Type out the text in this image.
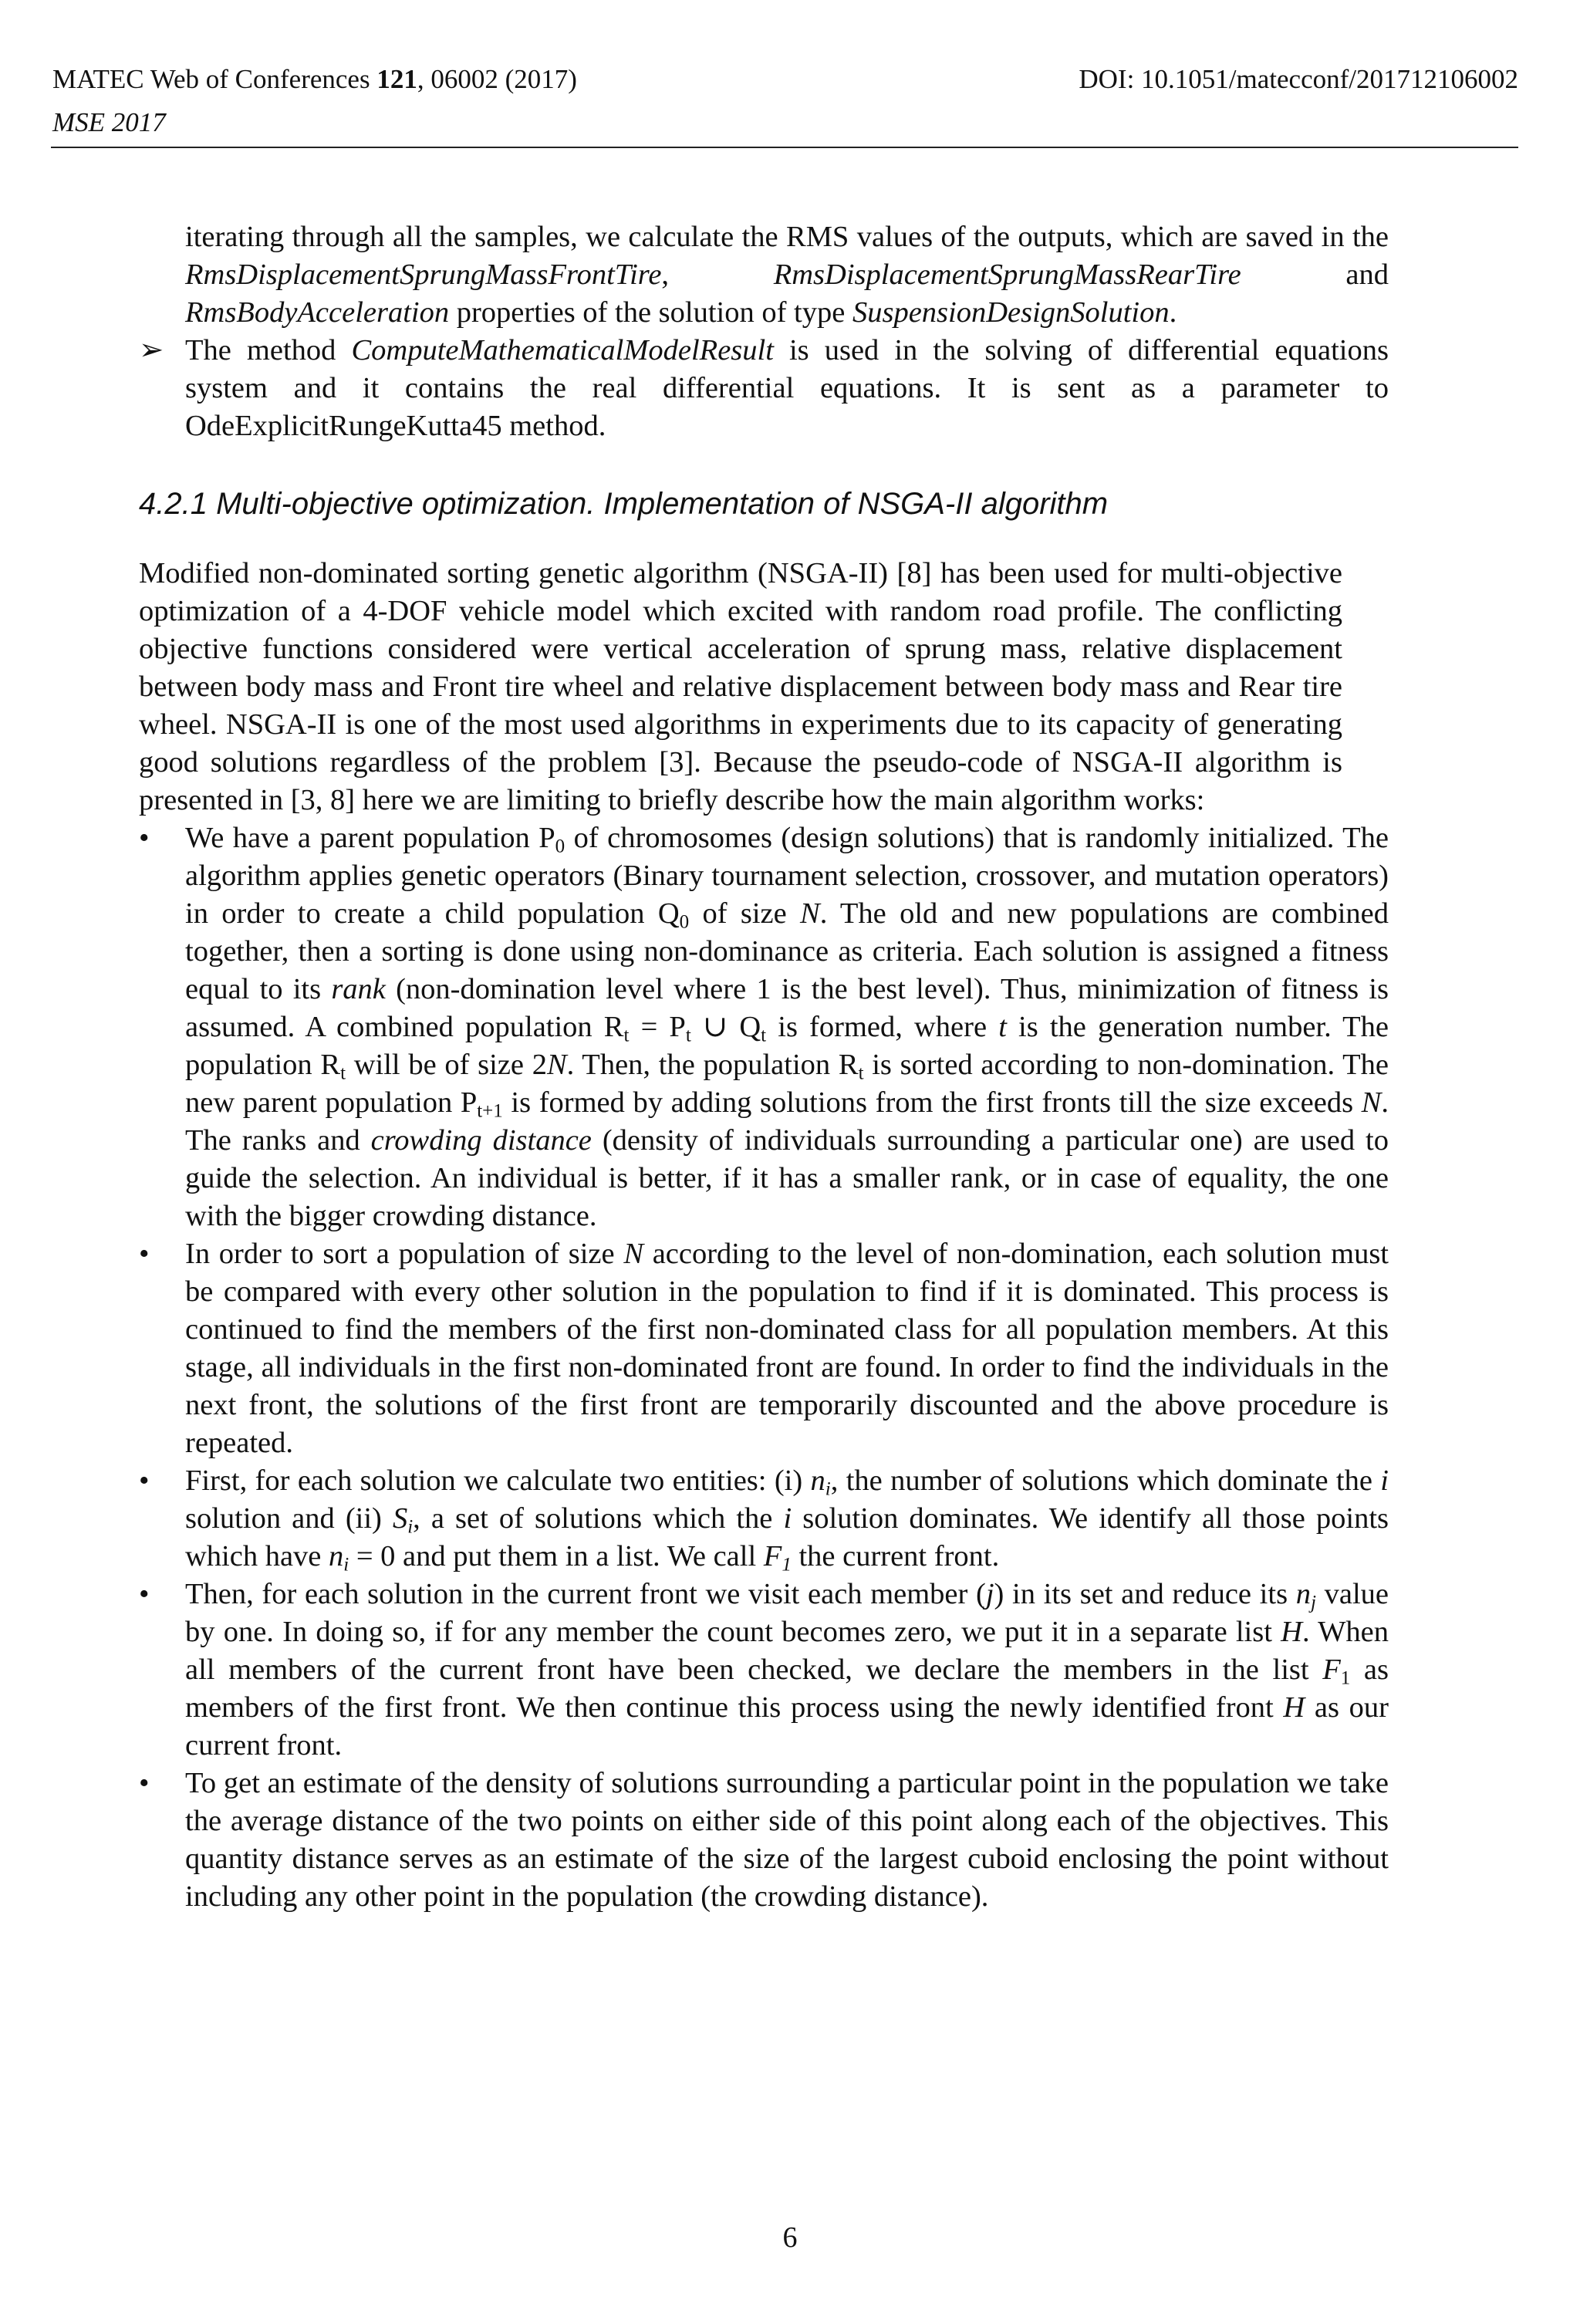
MATEC Web of Conferences 121, 06002 (2017)	DOI: 10.1051/matecconf/201712106002
MSE 2017

iterating through all the samples, we calculate the RMS values of the outputs, which are saved in the RmsDisplacementSprungMassFrontTire, RmsDisplacementSprungMassRearTire and RmsBodyAcceleration properties of the solution of type SuspensionDesignSolution.

➢ The method ComputeMathematicalModelResult is used in the solving of differential equations system and it contains the real differential equations. It is sent as a parameter to OdeExplicitRungeKutta45 method.

4.2.1 Multi-objective optimization. Implementation of NSGA-II algorithm

Modified non-dominated sorting genetic algorithm (NSGA-II) [8] has been used for multi-objective optimization of a 4-DOF vehicle model which excited with random road profile. The conflicting objective functions considered were vertical acceleration of sprung mass, relative displacement between body mass and Front tire wheel and relative displacement between body mass and Rear tire wheel. NSGA-II is one of the most used algorithms in experiments due to its capacity of generating good solutions regardless of the problem [3]. Because the pseudo-code of NSGA-II algorithm is presented in [3, 8] here we are limiting to briefly describe how the main algorithm works:

• We have a parent population $P_0$ of chromosomes (design solutions) that is randomly initialized. The algorithm applies genetic operators (Binary tournament selection, crossover, and mutation operators) in order to create a child population $Q_0$ of size N. The old and new populations are combined together, then a sorting is done using non-dominance as criteria. Each solution is assigned a fitness equal to its rank (non-domination level where 1 is the best level). Thus, minimization of fitness is assumed. A combined population $R_t = P_t$ ∪ $Q_t$ is formed, where t is the generation number. The population $R_t$ will be of size 2N. Then, the population $R_t$ is sorted according to non-domination. The new parent population $P_{t+1}$ is formed by adding solutions from the first fronts till the size exceeds N. The ranks and crowding distance (density of individuals surrounding a particular one) are used to guide the selection. An individual is better, if it has a smaller rank, or in case of equality, the one with the bigger crowding distance.

• In order to sort a population of size N according to the level of non-domination, each solution must be compared with every other solution in the population to find if it is dominated. This process is continued to find the members of the first non-dominated class for all population members. At this stage, all individuals in the first non-dominated front are found. In order to find the individuals in the next front, the solutions of the first front are temporarily discounted and the above procedure is repeated.

• First, for each solution we calculate two entities: (i) $n_i$, the number of solutions which dominate the i solution and (ii) $S_i$, a set of solutions which the i solution dominates. We identify all those points which have $n_i = 0$ and put them in a list. We call $F_1$ the current front.

• Then, for each solution in the current front we visit each member (j) in its set and reduce its $n_j$ value by one. In doing so, if for any member the count becomes zero, we put it in a separate list H. When all members of the current front have been checked, we declare the members in the list $F_1$ as members of the first front. We then continue this process using the newly identified front H as our current front.

• To get an estimate of the density of solutions surrounding a particular point in the population we take the average distance of the two points on either side of this point along each of the objectives. This quantity distance serves as an estimate of the size of the largest cuboid enclosing the point without including any other point in the population (the crowding distance).

6
